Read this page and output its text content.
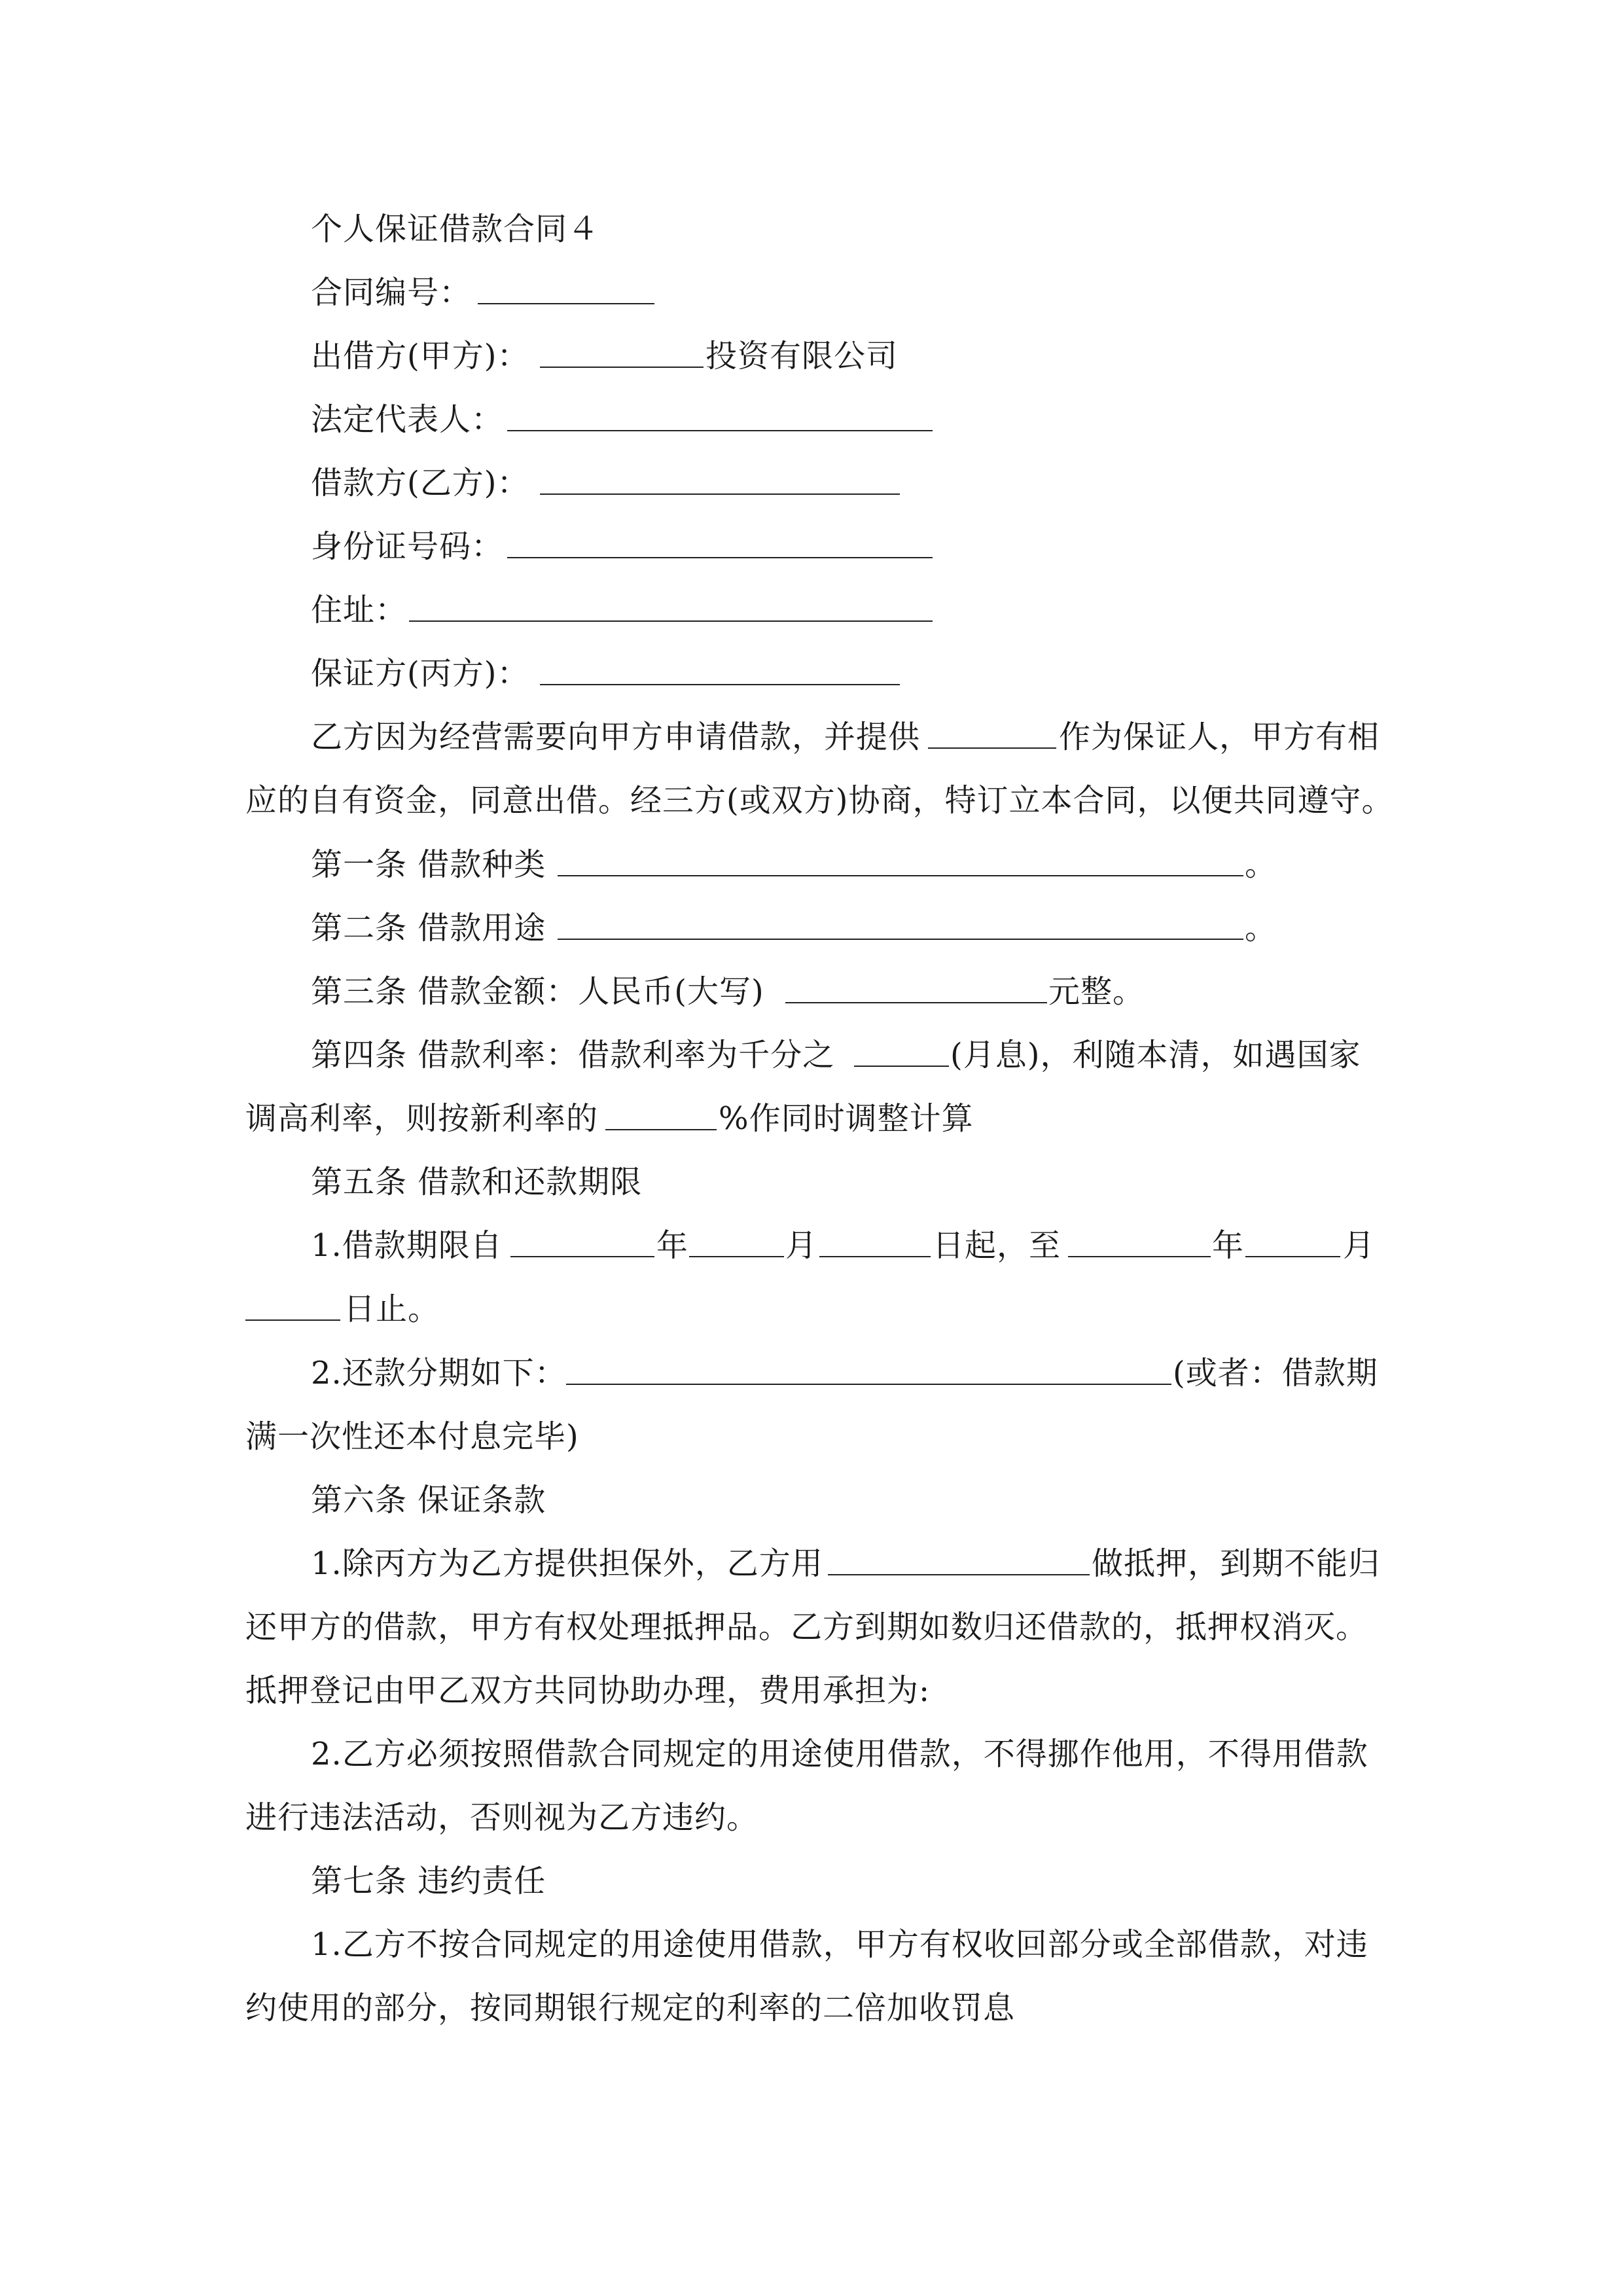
个人保证借款合同４
合同编号：
出借方(甲方)：	投资有限公司
法定代表人：
借款方(乙方)：
身份证号码：
住址：
保证方(丙方)：
乙方因为经营需要向甲方申请借款，并提供	作为保证人，甲方有相
应的自有资金，同意出借。经三方(或双方)协商，特订立本合同，以便共同遵守。
第一条 借款种类	。
第二条 借款用途	。
第三条 借款金额：人民币(大写)	元整。
第四条 借款利率：借款利率为千分之	(月息)，利随本清，如遇国家
调高利率，则按新利率的	%作同时调整计算
第五条 借款和还款期限
1.借款期限自	年	月	日起，至	年	月
日止。
2.还款分期如下：	(或者：借款期
满一次性还本付息完毕)
第六条 保证条款
1.除丙方为乙方提供担保外，乙方用	做抵押，到期不能归
还甲方的借款，甲方有权处理抵押品。乙方到期如数归还借款的，抵押权消灭。
抵押登记由甲乙双方共同协助办理，费用承担为:
2.乙方必须按照借款合同规定的用途使用借款，不得挪作他用，不得用借款
进行违法活动，否则视为乙方违约。
第七条 违约责任
1.乙方不按合同规定的用途使用借款，甲方有权收回部分或全部借款，对违
约使用的部分，按同期银行规定的利率的二倍加收罚息
